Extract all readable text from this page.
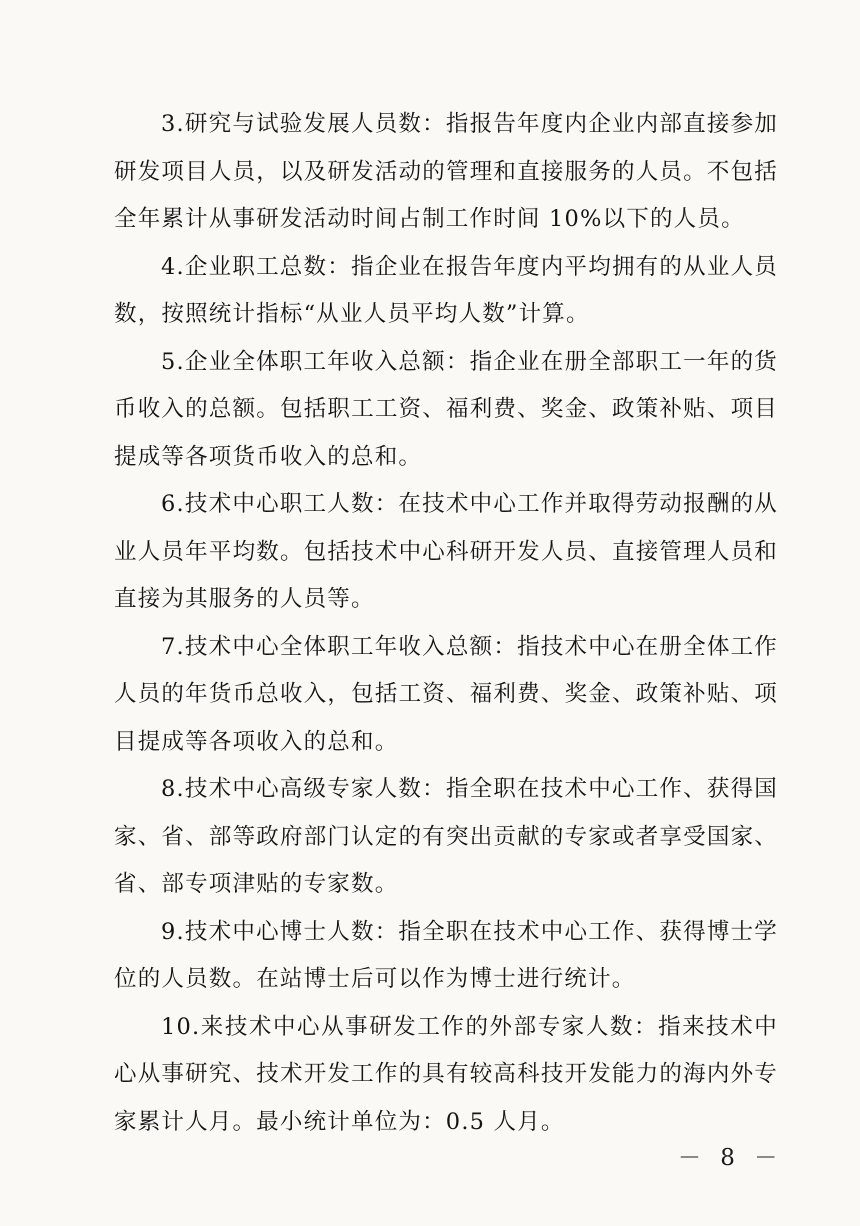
3.研究与试验发展人员数：指报告年度内企业内部直接参加研发项目人员，以及研发活动的管理和直接服务的人员。不包括全年累计从事研发活动时间占制工作时间 10%以下的人员。

4.企业职工总数：指企业在报告年度内平均拥有的从业人员数，按照统计指标“从业人员平均人数”计算。

5.企业全体职工年收入总额：指企业在册全部职工一年的货币收入的总额。包括职工工资、福利费、奖金、政策补贴、项目提成等各项货币收入的总和。

6.技术中心职工人数：在技术中心工作并取得劳动报酬的从业人员年平均数。包括技术中心科研开发人员、直接管理人员和直接为其服务的人员等。

7.技术中心全体职工年收入总额：指技术中心在册全体工作人员的年货币总收入，包括工资、福利费、奖金、政策补贴、项目提成等各项收入的总和。

8.技术中心高级专家人数：指全职在技术中心工作、获得国家、省、部等政府部门认定的有突出贡献的专家或者享受国家、省、部专项津贴的专家数。

9.技术中心博士人数：指全职在技术中心工作、获得博士学位的人员数。在站博士后可以作为博士进行统计。

10.来技术中心从事研发工作的外部专家人数：指来技术中心从事研究、技术开发工作的具有较高科技开发能力的海内外专家累计人月。最小统计单位为：0.5 人月。

－ 8 －
